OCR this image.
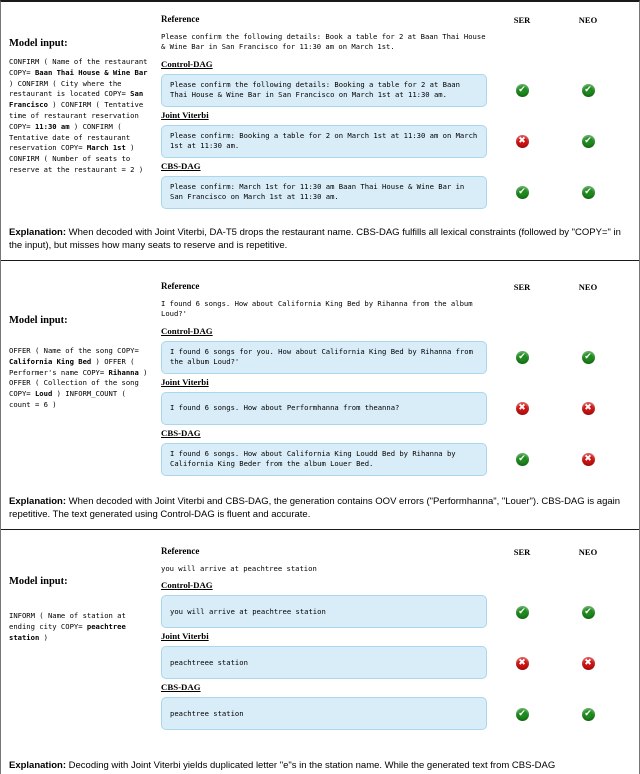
Model input:
CONFIRM ( Name of the restaurant COPY= Baan Thai House & Wine Bar ) CONFIRM ( City where the restaurant is located COPY= San Francisco ) CONFIRM ( Tentative time of restaurant reservation COPY= 11:30 am ) CONFIRM ( Tentative date of restaurant reservation COPY= March 1st ) CONFIRM ( Number of seats to reserve at the restaurant = 2 )
Reference	SER	NEO
Please confirm the following details: Book a table for 2 at Baan Thai House & Wine Bar in San Francisco for 11:30 am on March 1st.
Control-DAG
Please confirm the following details: Booking a table for 2 at Baan Thai House & Wine Bar in San Francisco on March 1st at 11:30 am.	✔	✔
Joint Viterbi
Please confirm: Booking a table for 2 on March 1st at 11:30 am on March 1st at 11:30 am.	✖	✔
CBS-DAG
Please confirm: March 1st for 11:30 am Baan Thai House & Wine Bar in San Francisco on March 1st at 11:30 am.	✔	✔
Explanation: When decoded with Joint Viterbi, DA-T5 drops the restaurant name. CBS-DAG fulfills all lexical constraints (followed by "COPY=" in the input), but misses how many seats to reserve and is repetitive.
Model input:
OFFER ( Name of the song COPY= California King Bed ) OFFER ( Performer's name COPY= Rihanna ) OFFER ( Collection of the song COPY= Loud ) INFORM_COUNT ( count = 6 )
Reference	SER	NEO
I found 6 songs. How about California King Bed by Rihanna from the album Loud?'
Control-DAG
I found 6 songs for you. How about California King Bed by Rihanna from the album Loud?'	✔	✔
Joint Viterbi
I found 6 songs. How about Performhanna from theanna?	✖	✖
CBS-DAG
I found 6 songs. How about California King Loudd Bed by Rihanna by California King Beder from the album Louer Bed.	✔	✖
Explanation: When decoded with Joint Viterbi and CBS-DAG, the generation contains OOV errors ("Performhanna", "Louer"). CBS-DAG is again repetitive. The text generated using Control-DAG is fluent and accurate.
Model input:
INFORM ( Name of station at ending city COPY= peachtree station )
Reference	SER	NEO
you will arrive at peachtree station
Control-DAG
you will arrive at peachtree station	✔	✔
Joint Viterbi
peachtreee station	✖	✖
CBS-DAG
peachtree station	✔	✔
Explanation: Decoding with Joint Viterbi yields duplicated letter "e"s in the station name. While the generated text from CBS-DAG
